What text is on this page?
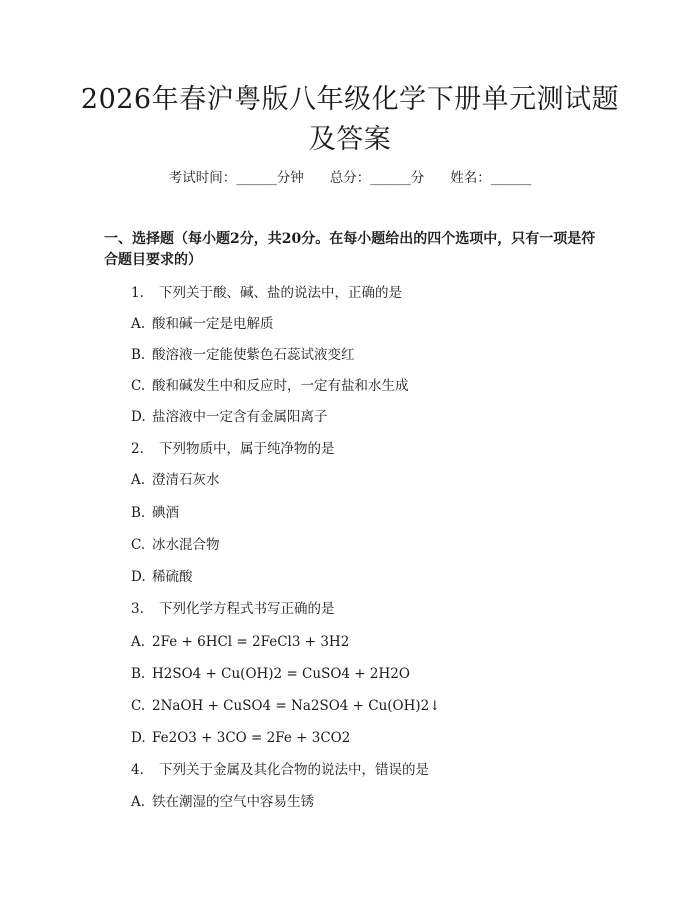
2026年春沪粤版八年级化学下册单元测试题
及答案
考试时间：______分钟 总分：______分 姓名：______
一、选择题（每小题2分，共20分。在每小题给出的四个选项中，只有一项是符合题目要求的）
1. 下列关于酸、碱、盐的说法中，正确的是
A. 酸和碱一定是电解质
B. 酸溶液一定能使紫色石蕊试液变红
C. 酸和碱发生中和反应时，一定有盐和水生成
D. 盐溶液中一定含有金属阳离子
2. 下列物质中，属于纯净物的是
A. 澄清石灰水
B. 碘酒
C. 冰水混合物
D. 稀硫酸
3. 下列化学方程式书写正确的是
A. 2Fe + 6HCl = 2FeCl3 + 3H2
B. H2SO4 + Cu(OH)2 = CuSO4 + 2H2O
C. 2NaOH + CuSO4 = Na2SO4 + Cu(OH)2↓
D. Fe2O3 + 3CO = 2Fe + 3CO2
4. 下列关于金属及其化合物的说法中，错误的是
A. 铁在潮湿的空气中容易生锈
